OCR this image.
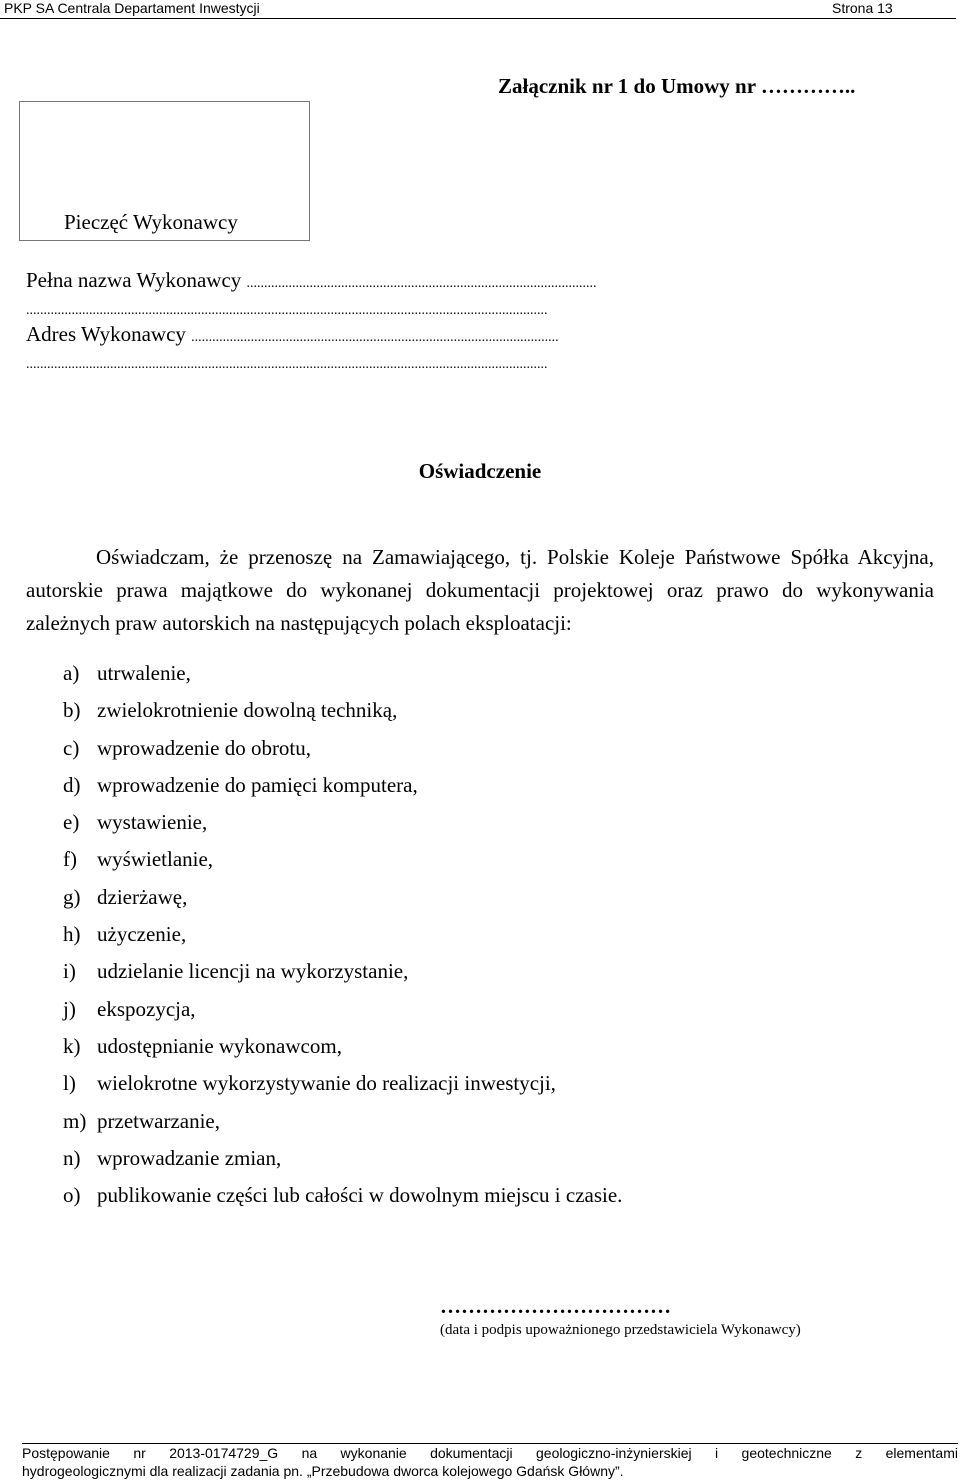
PKP SA Centrala Departament Inwestycji	Strona 13
Załącznik nr 1 do Umowy nr …………..
Pieczęć Wykonawcy
Pełna nazwa Wykonawcy ....................................................................................................
.....................................................................................................................................................
Adres Wykonawcy .........................................................................................................
.....................................................................................................................................................
Oświadczenie
Oświadczam, że przenoszę na Zamawiającego, tj. Polskie Koleje Państwowe Spółka Akcyjna, autorskie prawa majątkowe do wykonanej dokumentacji projektowej oraz prawo do wykonywania zależnych praw autorskich na następujących polach eksploatacji:
a) utrwalenie,
b) zwielokrotnienie dowolną techniką,
c) wprowadzenie do obrotu,
d) wprowadzenie do pamięci komputera,
e) wystawienie,
f) wyświetlanie,
g) dzierżawę,
h) użyczenie,
i) udzielanie licencji na wykorzystanie,
j) ekspozycja,
k) udostępnianie wykonawcom,
l) wielokrotne wykorzystywanie do realizacji inwestycji,
m) przetwarzanie,
n) wprowadzanie zmian,
o) publikowanie części lub całości w dowolnym miejscu i czasie.
……………………………
(data i podpis upoważnionego przedstawiciela Wykonawcy)
Postępowanie nr 2013-0174729_G na wykonanie dokumentacji geologiczno-inżynierskiej i geotechniczne z elementami
hydrogeologicznymi dla realizacji zadania pn. „Przebudowa dworca kolejowego Gdańsk Główny”.
